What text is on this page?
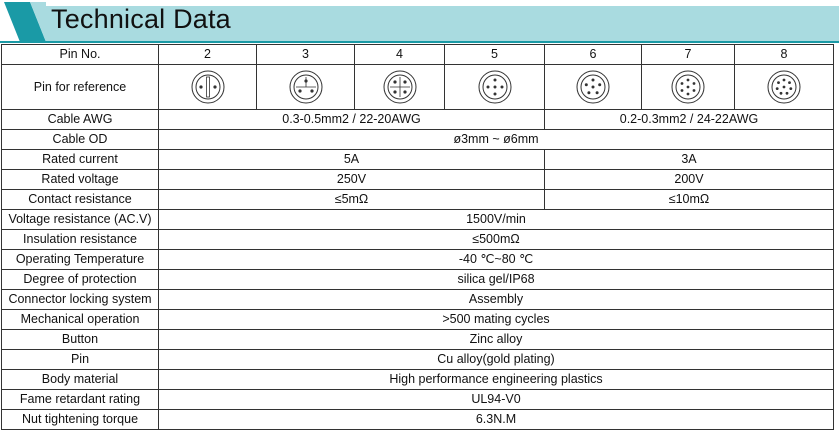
Technical Data
Pin No.	2	3	4	5	6	7	8
Pin for reference							
Cable AWG	0.3-0.5mm2 / 22-20AWG				0.2-0.3mm2 / 24-22AWG		
Cable OD	ø3mm ~ ø6mm						
Rated current	5A				3A		
Rated voltage	250V				200V		
Contact resistance	≤5mΩ				≤10mΩ		
Voltage resistance (AC.V)	1500V/min						
Insulation resistance	≤500mΩ						
Operating Temperature	-40 ℃~80 ℃						
Degree of protection	silica gel/IP68						
Connector locking system	Assembly						
Mechanical operation	>500 mating cycles						
Button	Zinc alloy						
Pin	Cu alloy(gold plating)						
Body material	High performance engineering plastics						
Fame retardant rating	UL94-V0						
Nut tightening torque	6.3N.M						
